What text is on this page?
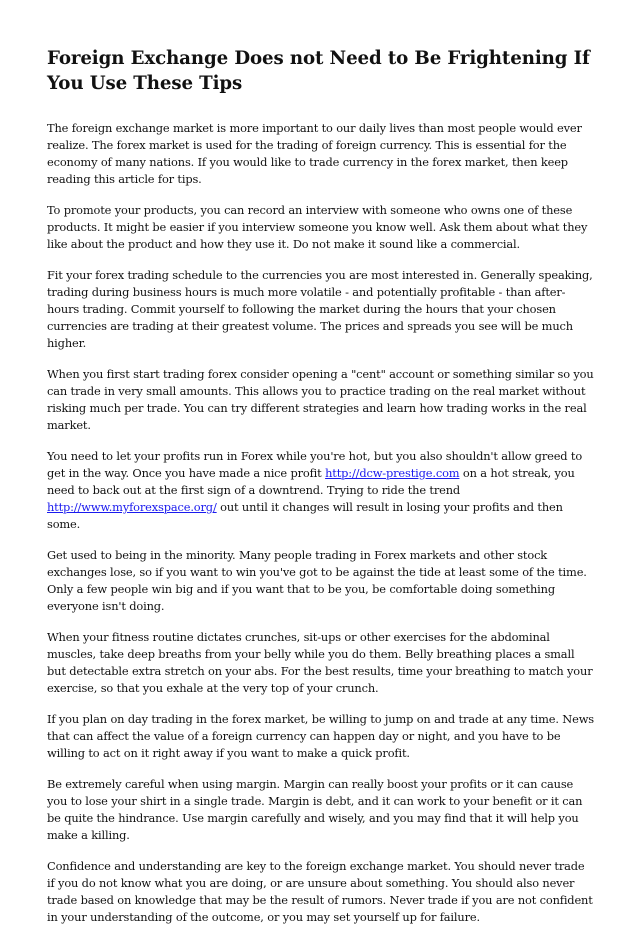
Foreign Exchange Does not Need to Be Frightening If You Use These Tips

The foreign exchange market is more important to our daily lives than most people would ever realize. The forex market is used for the trading of foreign currency. This is essential for the economy of many nations. If you would like to trade currency in the forex market, then keep reading this article for tips.

To promote your products, you can record an interview with someone who owns one of these products. It might be easier if you interview someone you know well. Ask them about what they like about the product and how they use it. Do not make it sound like a commercial.

Fit your forex trading schedule to the currencies you are most interested in. Generally speaking, trading during business hours is much more volatile - and potentially profitable - than after-hours trading. Commit yourself to following the market during the hours that your chosen currencies are trading at their greatest volume. The prices and spreads you see will be much higher.

When you first start trading forex consider opening a "cent" account or something similar so you can trade in very small amounts. This allows you to practice trading on the real market without risking much per trade. You can try different strategies and learn how trading works in the real market.

You need to let your profits run in Forex while you're hot, but you also shouldn't allow greed to get in the way. Once you have made a nice profit http://dcw-prestige.com on a hot streak, you need to back out at the first sign of a downtrend. Trying to ride the trend http://www.myforexspace.org/ out until it changes will result in losing your profits and then some.

Get used to being in the minority. Many people trading in Forex markets and other stock exchanges lose, so if you want to win you've got to be against the tide at least some of the time. Only a few people win big and if you want that to be you, be comfortable doing something everyone isn't doing.

When your fitness routine dictates crunches, sit-ups or other exercises for the abdominal muscles, take deep breaths from your belly while you do them. Belly breathing places a small but detectable extra stretch on your abs. For the best results, time your breathing to match your exercise, so that you exhale at the very top of your crunch.

If you plan on day trading in the forex market, be willing to jump on and trade at any time. News that can affect the value of a foreign currency can happen day or night, and you have to be willing to act on it right away if you want to make a quick profit.

Be extremely careful when using margin. Margin can really boost your profits or it can cause you to lose your shirt in a single trade. Margin is debt, and it can work to your benefit or it can be quite the hindrance. Use margin carefully and wisely, and you may find that it will help you make a killing.

Confidence and understanding are key to the foreign exchange market. You should never trade if you do not know what you are doing, or are unsure about something. You should also never trade based on knowledge that may be the result of rumors. Never trade if you are not confident in your understanding of the outcome, or you may set yourself up for failure.
